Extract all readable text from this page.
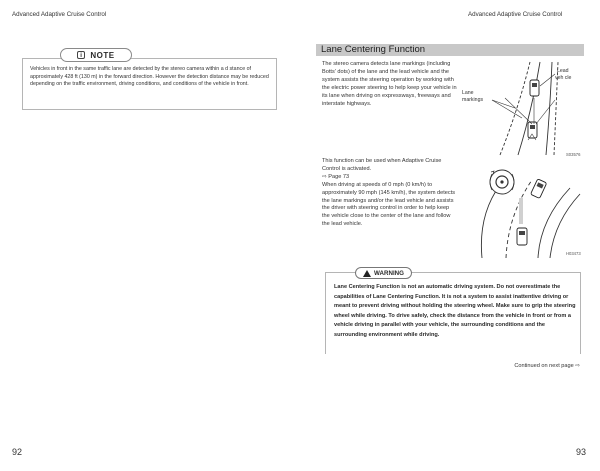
Advanced Adaptive Cruise Control	Advanced Adaptive Cruise Control
i NOTE
Vehicles in front in the same traffic lane are detected by the stereo camera within a d stance of approximately 428 ft (130 m) in the forward direction. However the detection distance may be reduced depending on the traffic environment, driving conditions, and conditions of the vehicle in front.
Lane Centering Function
The stereo camera detects lane markings (including Botts' dots) of the lane and the lead vehicle and the system assists the steering operation by working with the electric power steering to help keep your vehicle in its lane when driving on expressways, freeways and interstate highways.
Lead
veh cle
Lane
markings
S03576
This function can be used when Adaptive Cruise Control is activated.
⇨ Page 73
When driving at speeds of 0 mph (0 km/h) to approximately 90 mph (145 km/h), the system detects the lane markings and/or the lead vehicle and assists the driver with steering control in order to help keep the vehicle close to the center of the lane and follow the lead vehicle.
H03473
WARNING
Lane Centering Function is not an automatic driving system. Do not overestimate the capabilities of Lane Centering Function. It is not a system to assist inattentive driving or meant to prevent driving without holding the steering wheel. Make sure to grip the steering wheel while driving. To drive safely, check the distance from the vehicle in front or from a vehicle driving in parallel with your vehicle, the surrounding conditions and the surrounding environment while driving.
Continued on next page ⇨
92	93
